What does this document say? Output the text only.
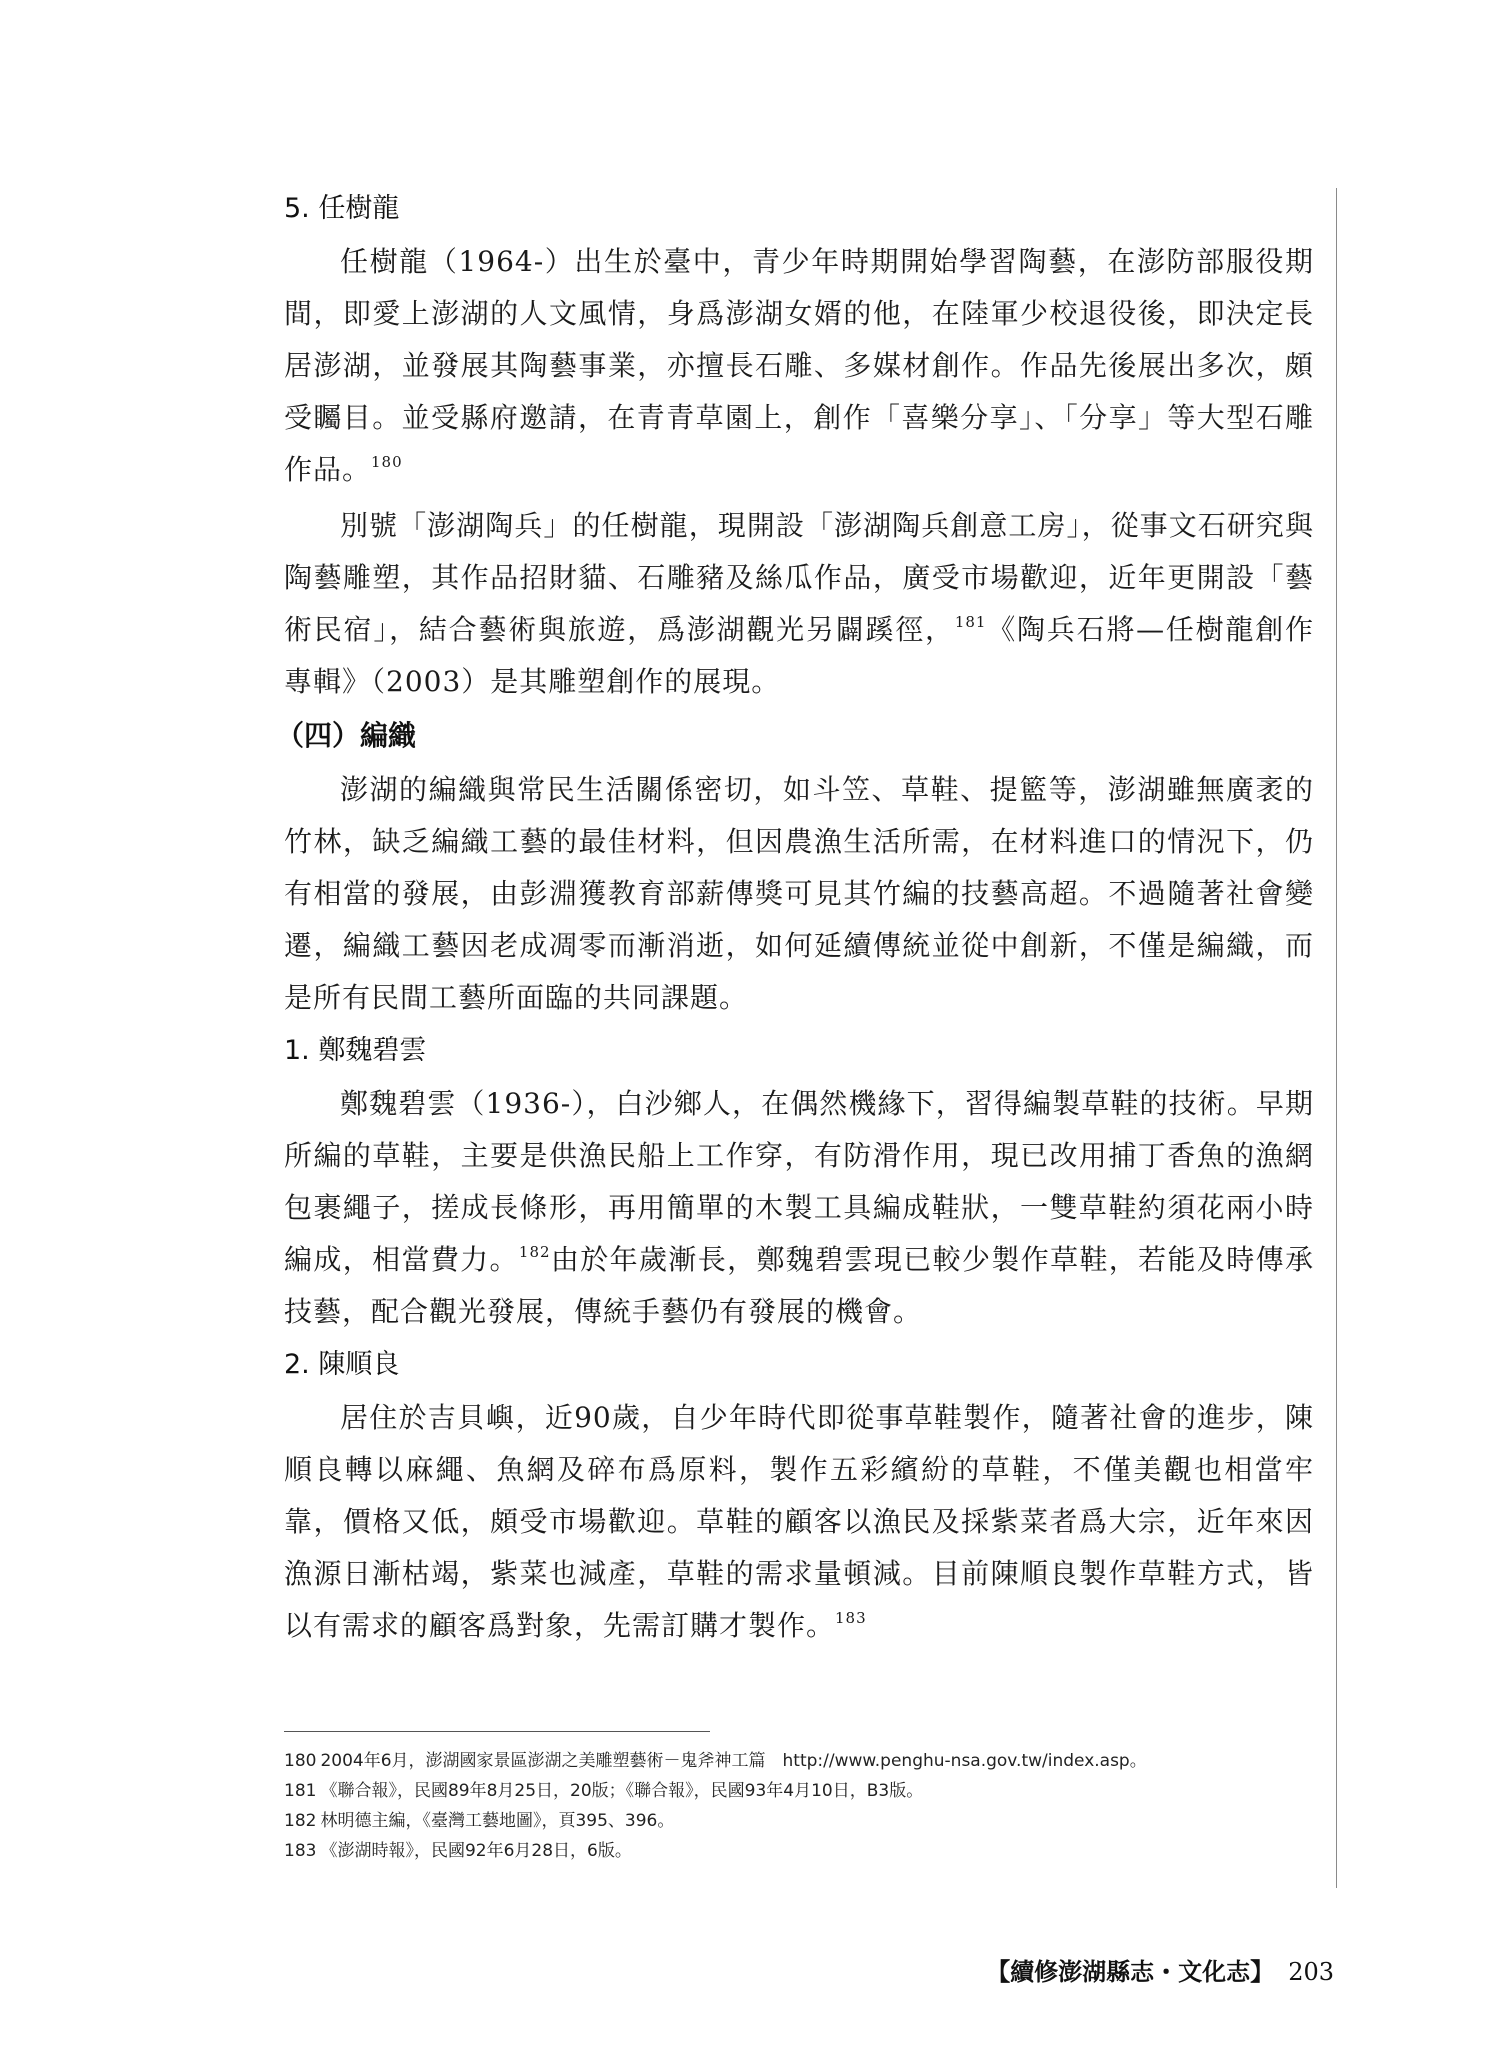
5. 任樹龍

任樹龍（1964-）出生於臺中，青少年時期開始學習陶藝，在澎防部服役期間，即愛上澎湖的人文風情，身爲澎湖女婿的他，在陸軍少校退役後，即決定長居澎湖，並發展其陶藝事業，亦擅長石雕、多媒材創作。作品先後展出多次，頗受矚目。並受縣府邀請，在青青草園上，創作「喜樂分享」、「分享」等大型石雕作品。$^{180}$

別號「澎湖陶兵」的任樹龍，現開設「澎湖陶兵創意工房」，從事文石研究與陶藝雕塑，其作品招財貓、石雕豬及絲瓜作品，廣受市場歡迎，近年更開設「藝術民宿」，結合藝術與旅遊，爲澎湖觀光另闢蹊徑，$^{181}$《陶兵石將—任樹龍創作專輯》（2003）是其雕塑創作的展現。

（四）編織

澎湖的編織與常民生活關係密切，如斗笠、草鞋、提籃等，澎湖雖無廣袤的竹林，缺乏編織工藝的最佳材料，但因農漁生活所需，在材料進口的情況下，仍有相當的發展，由彭淵獲教育部薪傳獎可見其竹編的技藝高超。不過隨著社會變遷，編織工藝因老成凋零而漸消逝，如何延續傳統並從中創新，不僅是編織，而是所有民間工藝所面臨的共同課題。

1. 鄭魏碧雲

鄭魏碧雲（1936-），白沙鄉人，在偶然機緣下，習得編製草鞋的技術。早期所編的草鞋，主要是供漁民船上工作穿，有防滑作用，現已改用捕丁香魚的漁網包裹繩子，搓成長條形，再用簡單的木製工具編成鞋狀，一雙草鞋約須花兩小時編成，相當費力。$^{182}$由於年歲漸長，鄭魏碧雲現已較少製作草鞋，若能及時傳承技藝，配合觀光發展，傳統手藝仍有發展的機會。

2. 陳順良

居住於吉貝嶼，近90歲，自少年時代即從事草鞋製作，隨著社會的進步，陳順良轉以麻繩、魚網及碎布爲原料，製作五彩繽紛的草鞋，不僅美觀也相當牢靠，價格又低，頗受市場歡迎。草鞋的顧客以漁民及採紫菜者爲大宗，近年來因漁源日漸枯竭，紫菜也減產，草鞋的需求量頓減。目前陳順良製作草鞋方式，皆以有需求的顧客爲對象，先需訂購才製作。$^{183}$

180 2004年6月，澎湖國家景區澎湖之美雕塑藝術－鬼斧神工篇　http://www.penghu-nsa.gov.tw/index.asp。
181 《聯合報》，民國89年8月25日，20版；《聯合報》，民國93年4月10日，B3版。
182 林明德主編，《臺灣工藝地圖》，頁395、396。
183 《澎湖時報》，民國92年6月28日，6版。
【續修澎湖縣志・文化志】 203
